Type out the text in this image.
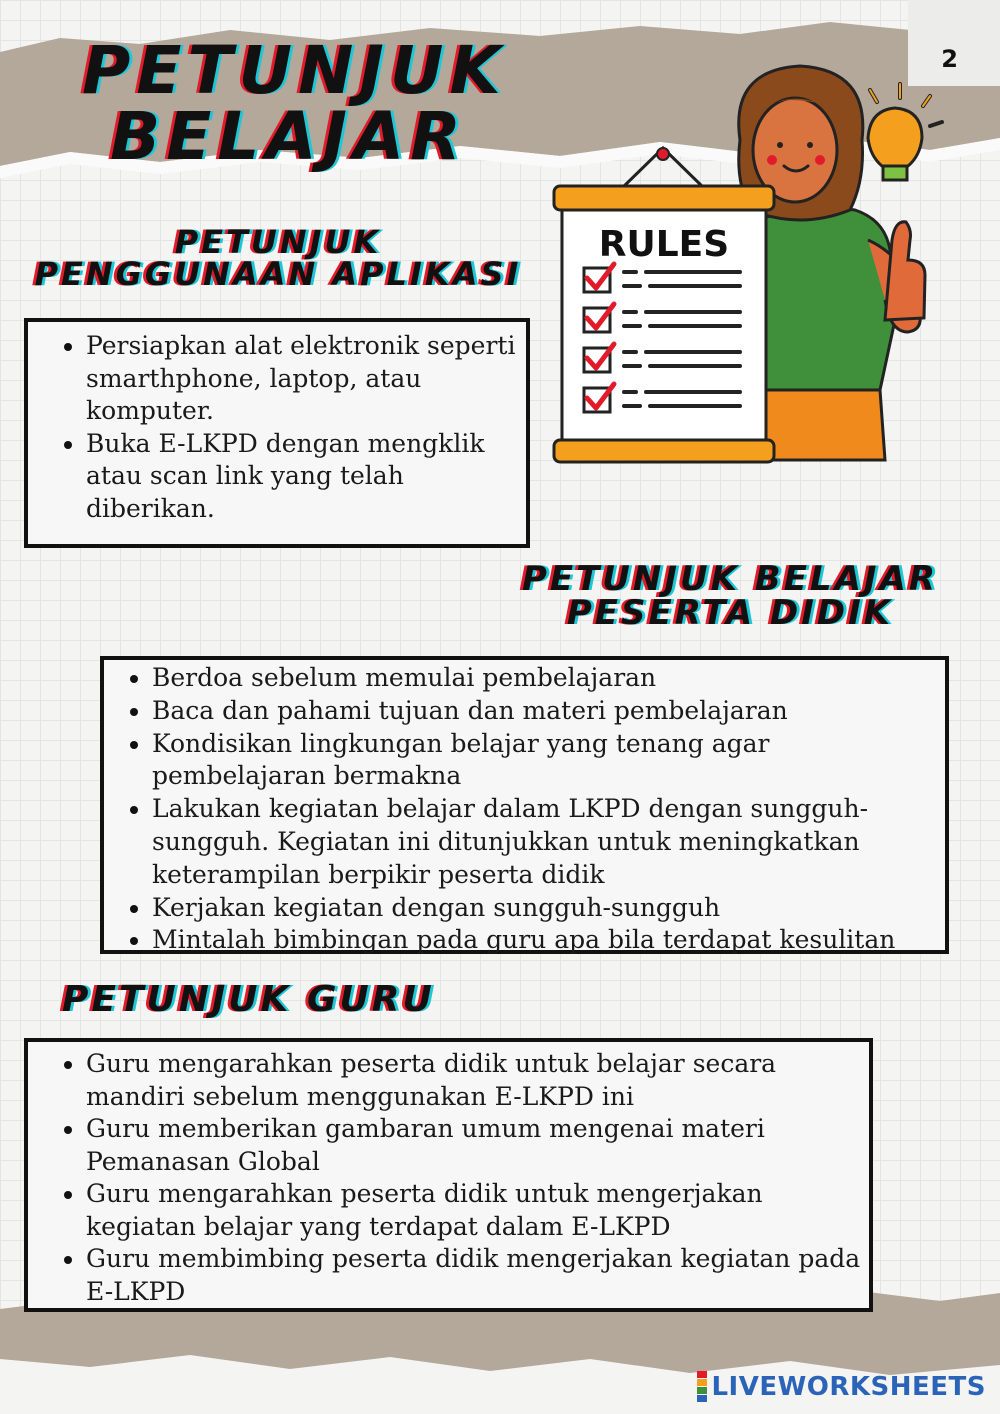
PETUNJUK
BELAJAR
2
RULES
PETUNJUK
PENGGUNAAN APLIKASI
• Persiapkan alat elektronik seperti smarthphone, laptop, atau komputer.
• Buka E-LKPD dengan mengklik atau scan link yang telah diberikan.
PETUNJUK BELAJAR
PESERTA DIDIK
• Berdoa sebelum memulai pembelajaran
• Baca dan pahami tujuan dan materi pembelajaran
• Kondisikan lingkungan belajar yang tenang agar pembelajaran bermakna
• Lakukan kegiatan belajar dalam LKPD dengan sungguh-sungguh. Kegiatan ini ditunjukkan untuk meningkatkan keterampilan berpikir peserta didik
• Kerjakan kegiatan dengan sungguh-sungguh
• Mintalah bimbingan pada guru apa bila terdapat kesulitan
PETUNJUK GURU
• Guru mengarahkan peserta didik untuk belajar secara mandiri sebelum menggunakan E-LKPD ini
• Guru memberikan gambaran umum mengenai materi Pemanasan Global
• Guru mengarahkan peserta didik untuk mengerjakan kegiatan belajar yang terdapat dalam E-LKPD
• Guru membimbing peserta didik mengerjakan kegiatan pada E-LKPD
LIVEWORKSHEETS
